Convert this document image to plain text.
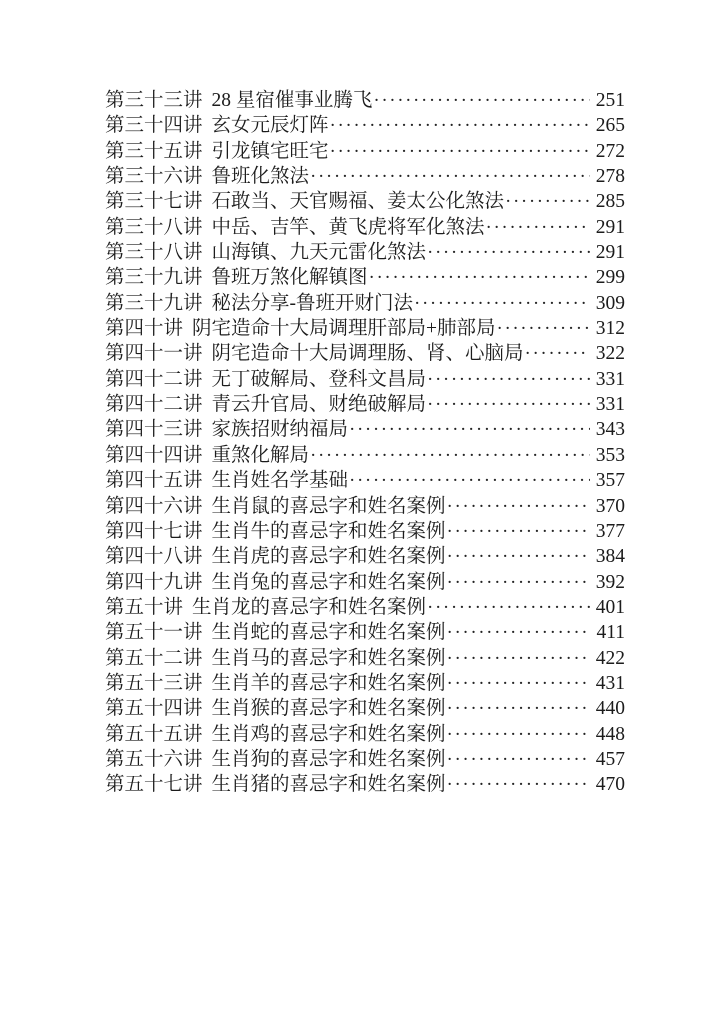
第三十三讲 28 星宿催事业腾飞 ·····	251
第三十四讲 玄女元辰灯阵 ·····	265
第三十五讲 引龙镇宅旺宅 ·····	272
第三十六讲 鲁班化煞法 ·····	278
第三十七讲 石敢当、天官赐福、姜太公化煞法 ·····	285
第三十八讲 中岳、吉竿、黄飞虎将军化煞法 ·····	291
第三十八讲 山海镇、九天元雷化煞法 ·····	291
第三十九讲 鲁班万煞化解镇图 ·····	299
第三十九讲 秘法分享-鲁班开财门法 ·····	309
第四十讲 阴宅造命十大局调理肝部局+肺部局 ·····	312
第四十一讲 阴宅造命十大局调理肠、肾、心脑局 ·····	322
第四十二讲 无丁破解局、登科文昌局 ·····	331
第四十二讲 青云升官局、财绝破解局 ·····	331
第四十三讲 家族招财纳福局 ·····	343
第四十四讲 重煞化解局 ·····	353
第四十五讲 生肖姓名学基础 ·····	357
第四十六讲 生肖鼠的喜忌字和姓名案例 ·····	370
第四十七讲 生肖牛的喜忌字和姓名案例 ·····	377
第四十八讲 生肖虎的喜忌字和姓名案例 ·····	384
第四十九讲 生肖兔的喜忌字和姓名案例 ·····	392
第五十讲 生肖龙的喜忌字和姓名案例 ·····	401
第五十一讲 生肖蛇的喜忌字和姓名案例 ·····	411
第五十二讲 生肖马的喜忌字和姓名案例 ·····	422
第五十三讲 生肖羊的喜忌字和姓名案例 ·····	431
第五十四讲 生肖猴的喜忌字和姓名案例 ·····	440
第五十五讲 生肖鸡的喜忌字和姓名案例 ·····	448
第五十六讲 生肖狗的喜忌字和姓名案例 ·····	457
第五十七讲 生肖猪的喜忌字和姓名案例 ·····	470
